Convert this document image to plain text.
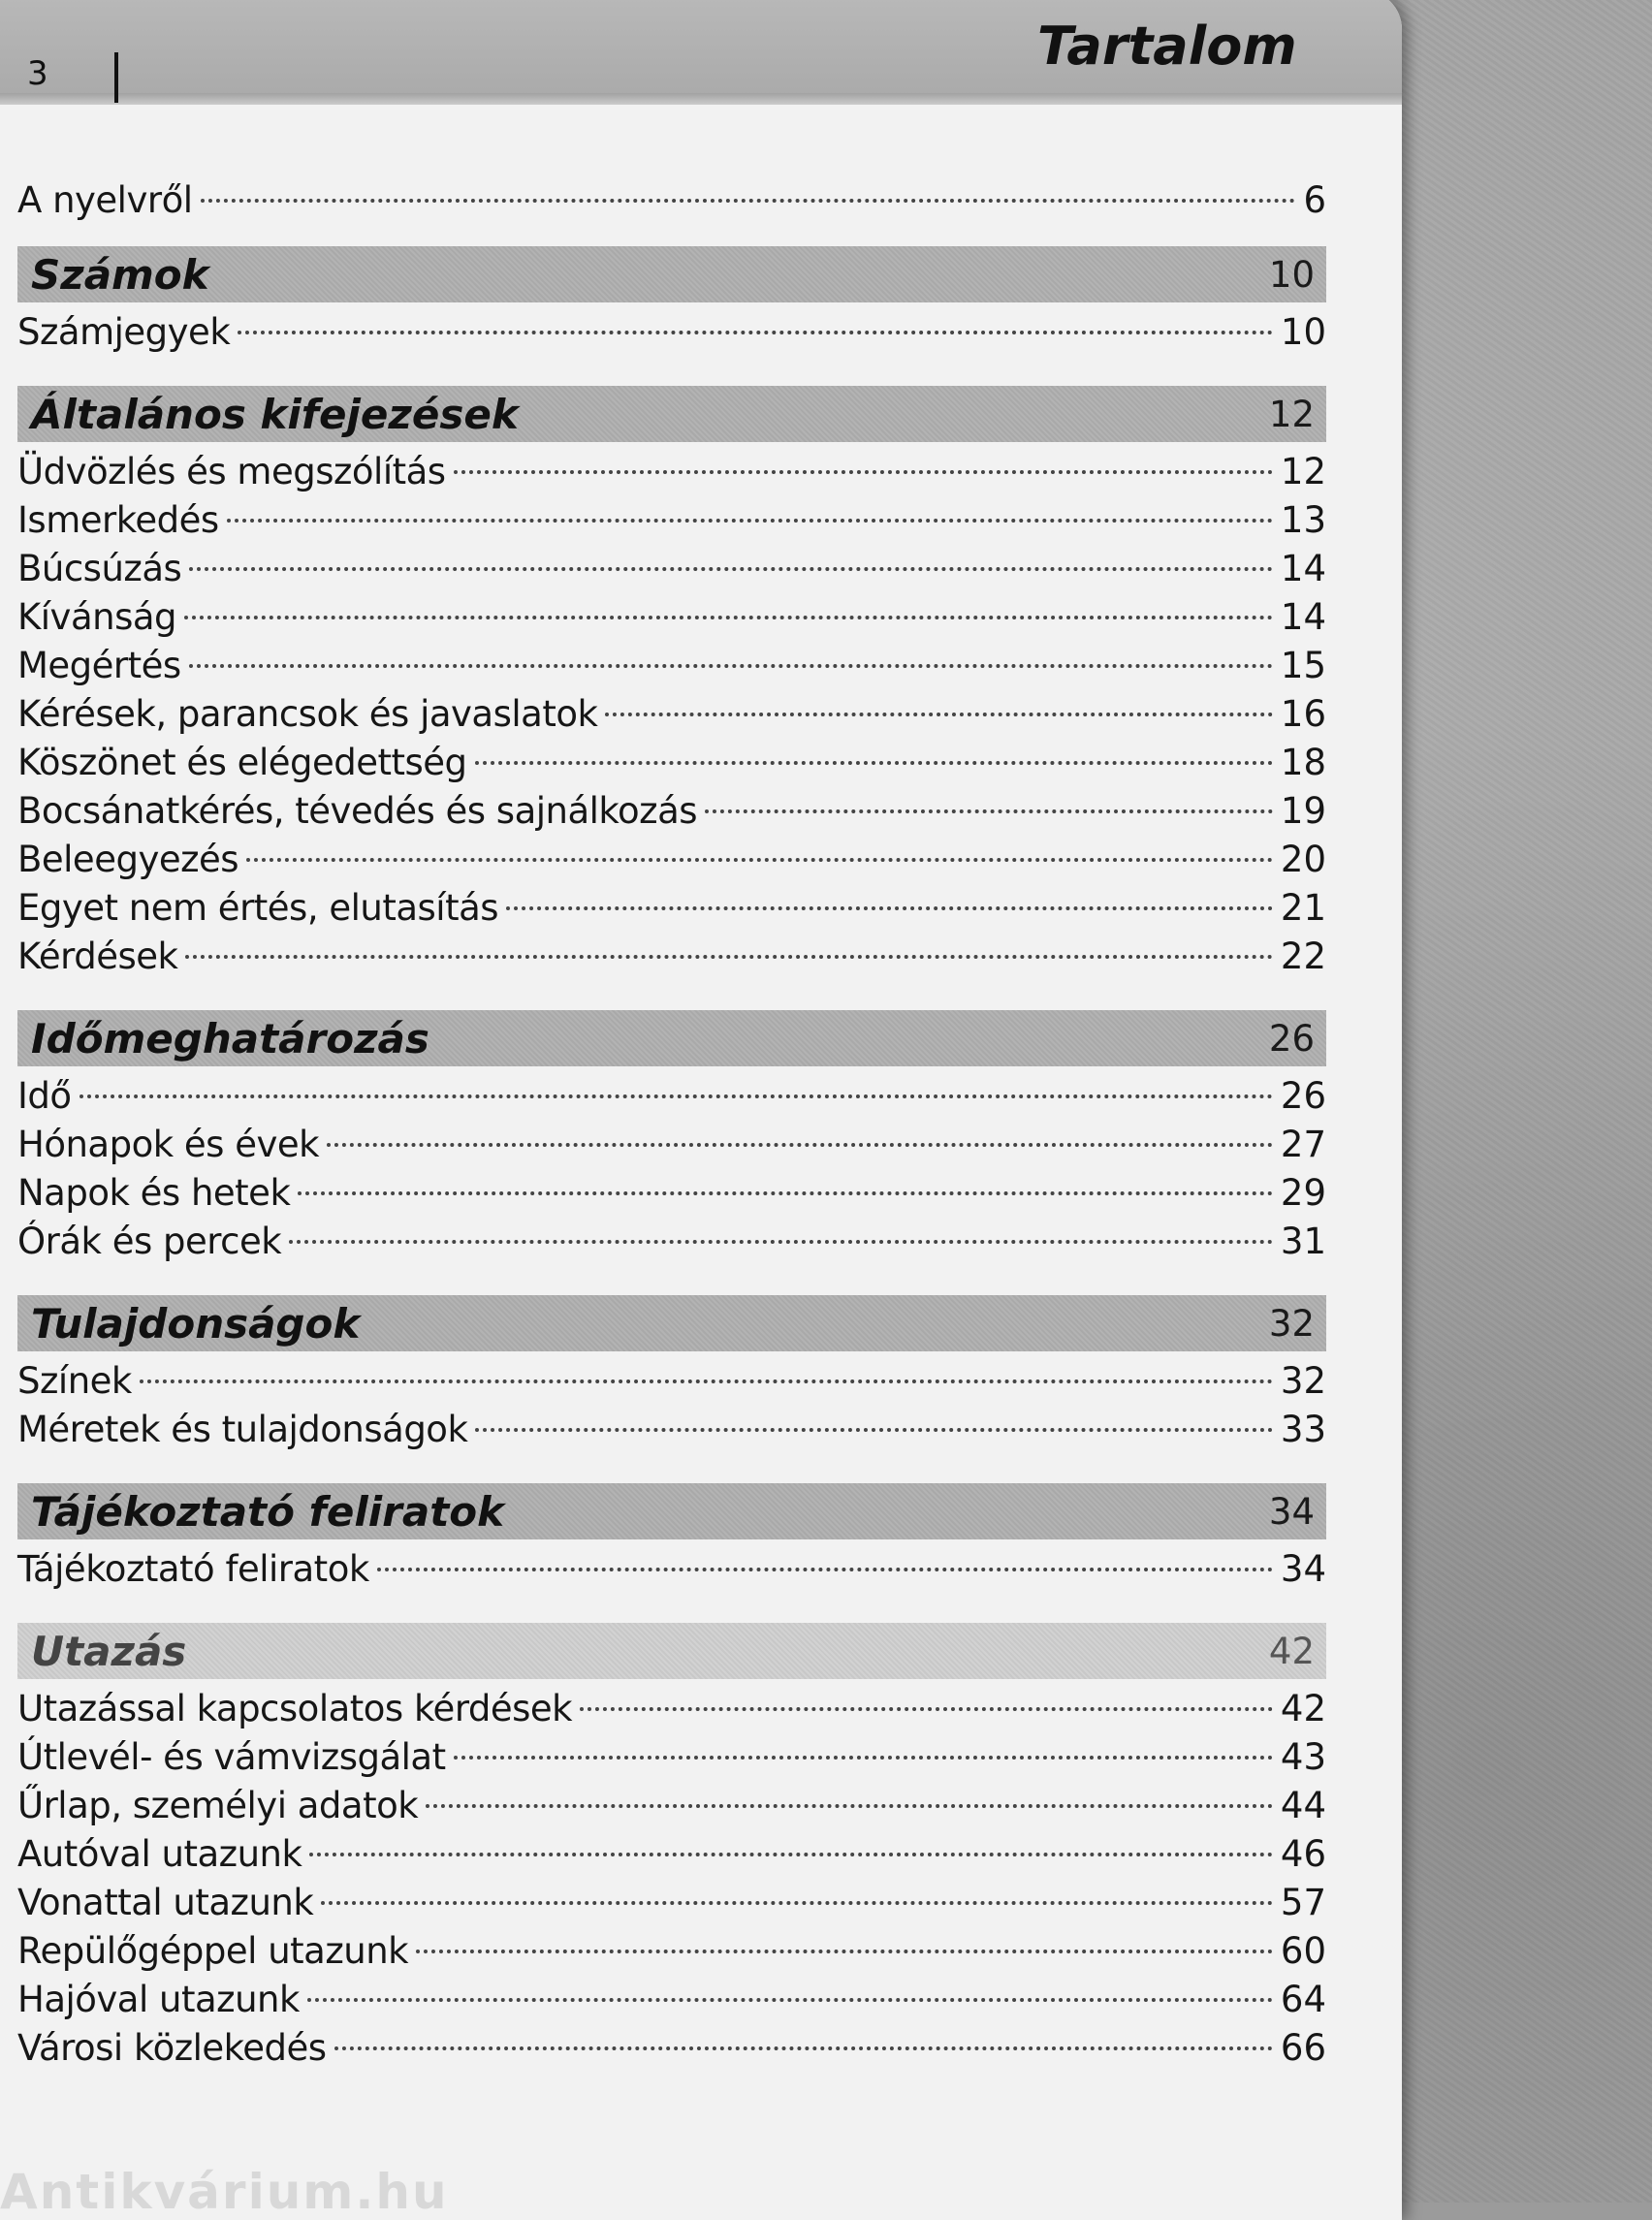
3	Tartalom
A nyelvről	6
Számok	10
Számjegyek	10
Általános kifejezések	12
Üdvözlés és megszólítás	12
Ismerkedés	13
Búcsúzás	14
Kívánság	14
Megértés	15
Kérések, parancsok és javaslatok	16
Köszönet és elégedettség	18
Bocsánatkérés, tévedés és sajnálkozás	19
Beleegyezés	20
Egyet nem értés, elutasítás	21
Kérdések	22
Időmeghatározás	26
Idő	26
Hónapok és évek	27
Napok és hetek	29
Órák és percek	31
Tulajdonságok	32
Színek	32
Méretek és tulajdonságok	33
Tájékoztató feliratok	34
Tájékoztató feliratok	34
Utazás	42
Utazással kapcsolatos kérdések	42
Útlevél- és vámvizsgálat	43
Űrlap, személyi adatok	44
Autóval utazunk	46
Vonattal utazunk	57
Repülőgéppel utazunk	60
Hajóval utazunk	64
Városi közlekedés	66
Antikvárium.hu
